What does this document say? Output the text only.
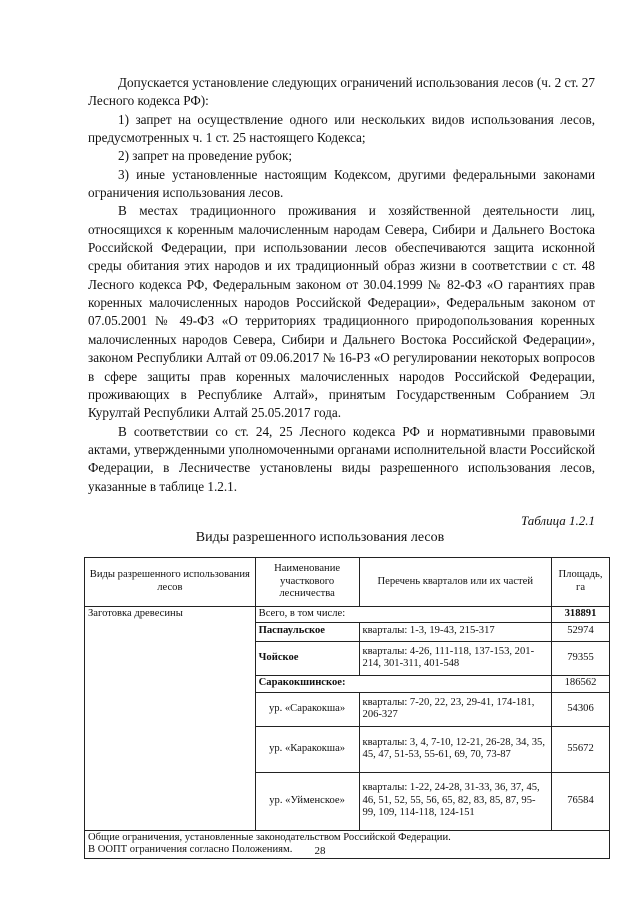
Допускается установление следующих ограничений использования лесов (ч. 2 ст. 27 Лесного кодекса РФ):

1) запрет на осуществление одного или нескольких видов использования лесов, предусмотренных ч. 1 ст. 25 настоящего Кодекса;

2) запрет на проведение рубок;

3) иные установленные настоящим Кодексом, другими федеральными законами ограничения использования лесов.

В местах традиционного проживания и хозяйственной деятельности лиц, относящихся к коренным малочисленным народам Севера, Сибири и Дальнего Востока Российской Федерации, при использовании лесов обеспечиваются защита исконной среды обитания этих народов и их традиционный образ жизни в соответствии с ст. 48 Лесного кодекса РФ, Федеральным законом от 30.04.1999 № 82-ФЗ «О гарантиях прав коренных малочисленных народов Российской Федерации», Федеральным законом от 07.05.2001 № 49-ФЗ «О территориях традиционного природопользования коренных малочисленных народов Севера, Сибири и Дальнего Востока Российской Федерации», законом Республики Алтай от 09.06.2017 № 16-РЗ «О регулировании некоторых вопросов в сфере защиты прав коренных малочисленных народов Российской Федерации, проживающих в Республике Алтай», принятым Государственным Собранием Эл Курултай Республики Алтай 25.05.2017 года.

В соответствии со ст. 24, 25 Лесного кодекса РФ и нормативными правовыми актами, утвержденными уполномоченными органами исполнительной власти Российской Федерации, в Лесничестве установлены виды разрешенного использования лесов, указанные в таблице 1.2.1.

Таблица 1.2.1
Виды разрешенного использования лесов
Виды разрешенного использования лесов	Наименование участкового лесничества	Перечень кварталов или их частей	Площадь, га
Заготовка древесины	Всего, в том числе:		318891
	Паспаульское	кварталы: 1-3, 19-43, 215-317	52974
	Чойское	кварталы: 4-26, 111-118, 137-153, 201-214, 301-311, 401-548	79355
	Саракокшинское:		186562
	ур. «Саракокша»	кварталы: 7-20, 22, 23, 29-41, 174-181, 206-327	54306
	ур. «Каракокша»	кварталы: 3, 4, 7-10, 12-21, 26-28, 34, 35, 45, 47, 51-53, 55-61, 69, 70, 73-87	55672
	ур. «Уйменское»	кварталы: 1-22, 24-28, 31-33, 36, 37, 45, 46, 51, 52, 55, 56, 65, 82, 83, 85, 87, 95-99, 109, 114-118, 124-151	76584

Общие ограничения, установленные законодательством Российской Федерации.
В ООПТ ограничения согласно Положениям.				28
